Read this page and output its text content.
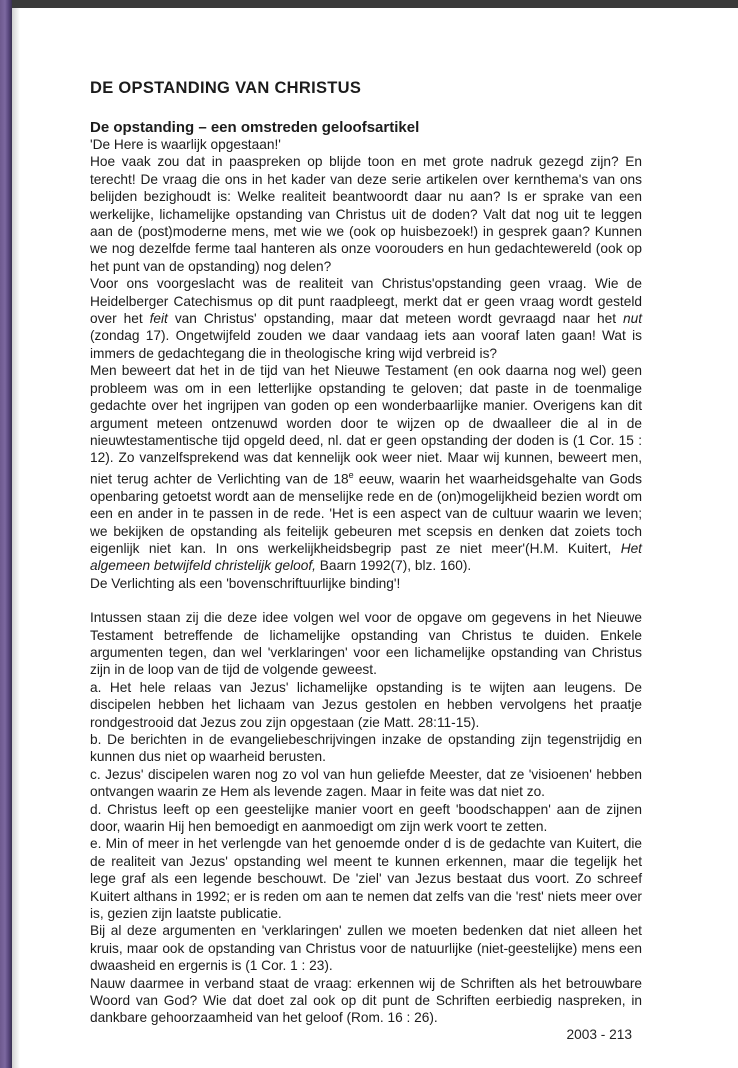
DE OPSTANDING VAN CHRISTUS
De opstanding – een omstreden geloofsartikel

'De Here is waarlijk opgestaan!'

Hoe vaak zou dat in paaspreken op blijde toon en met grote nadruk gezegd zijn? En terecht! De vraag die ons in het kader van deze serie artikelen over kernthema's van ons belijden bezighoudt is: Welke realiteit beantwoordt daar nu aan? Is er sprake van een werkelijke, lichamelijke opstanding van Christus uit de doden? Valt dat nog uit te leggen aan de (post)moderne mens, met wie we (ook op huisbezoek!) in gesprek gaan? Kunnen we nog dezelfde ferme taal hanteren als onze voorouders en hun gedachtewereld (ook op het punt van de opstanding) nog delen?

Voor ons voorgeslacht was de realiteit van Christus'opstanding geen vraag. Wie de Heidelberger Catechismus op dit punt raadpleegt, merkt dat er geen vraag wordt gesteld over het feit van Christus' opstanding, maar dat meteen wordt gevraagd naar het nut (zondag 17). Ongetwijfeld zouden we daar vandaag iets aan vooraf laten gaan! Wat is immers de gedachtegang die in theologische kring wijd verbreid is?

Men beweert dat het in de tijd van het Nieuwe Testament (en ook daarna nog wel) geen probleem was om in een letterlijke opstanding te geloven; dat paste in de toenmalige gedachte over het ingrijpen van goden op een wonderbaarlijke manier. Overigens kan dit argument meteen ontzenuwd worden door te wijzen op de dwaalleer die al in de nieuwtestamentische tijd opgeld deed, nl. dat er geen opstanding der doden is (1 Cor. 15 : 12). Zo vanzelfsprekend was dat kennelijk ook weer niet. Maar wij kunnen, beweert men, niet terug achter de Verlichting van de 18e eeuw, waarin het waarheidsgehalte van Gods openbaring getoetst wordt aan de menselijke rede en de (on)mogelijkheid bezien wordt om een en ander in te passen in de rede. 'Het is een aspect van de cultuur waarin we leven; we bekijken de opstanding als feitelijk gebeuren met scepsis en denken dat zoiets toch eigenlijk niet kan. In ons werkelijkheidsbegrip past ze niet meer'(H.M. Kuitert, Het algemeen betwijfeld christelijk geloof, Baarn 1992(7), blz. 160).

De Verlichting als een 'bovenschriftuurlijke binding'!

Intussen staan zij die deze idee volgen wel voor de opgave om gegevens in het Nieuwe Testament betreffende de lichamelijke opstanding van Christus te duiden. Enkele argumenten tegen, dan wel 'verklaringen' voor een lichamelijke opstanding van Christus zijn in de loop van de tijd de volgende geweest.

a. Het hele relaas van Jezus' lichamelijke opstanding is te wijten aan leugens. De discipelen hebben het lichaam van Jezus gestolen en hebben vervolgens het praatje rondgestrooid dat Jezus zou zijn opgestaan (zie Matt. 28:11-15).

b. De berichten in de evangeliebeschrijvingen inzake de opstanding zijn tegenstrijdig en kunnen dus niet op waarheid berusten.

c. Jezus' discipelen waren nog zo vol van hun geliefde Meester, dat ze 'visioenen' hebben ontvangen waarin ze Hem als levende zagen. Maar in feite was dat niet zo.

d. Christus leeft op een geestelijke manier voort en geeft 'boodschappen' aan de zijnen door, waarin Hij hen bemoedigt en aanmoedigt om zijn werk voort te zetten.

e. Min of meer in het verlengde van het genoemde onder d is de gedachte van Kuitert, die de realiteit van Jezus' opstanding wel meent te kunnen erkennen, maar die tegelijk het lege graf als een legende beschouwt. De 'ziel' van Jezus bestaat dus voort. Zo schreef Kuitert althans in 1992; er is reden om aan te nemen dat zelfs van die 'rest' niets meer over is, gezien zijn laatste publicatie.

Bij al deze argumenten en 'verklaringen' zullen we moeten bedenken dat niet alleen het kruis, maar ook de opstanding van Christus voor de natuurlijke (niet-geestelijke) mens een dwaasheid en ergernis is (1 Cor. 1 : 23).

Nauw daarmee in verband staat de vraag: erkennen wij de Schriften als het betrouwbare Woord van God? Wie dat doet zal ook op dit punt de Schriften eerbiedig naspreken, in dankbare gehoorzaamheid van het geloof (Rom. 16 : 26).

2003 - 213
